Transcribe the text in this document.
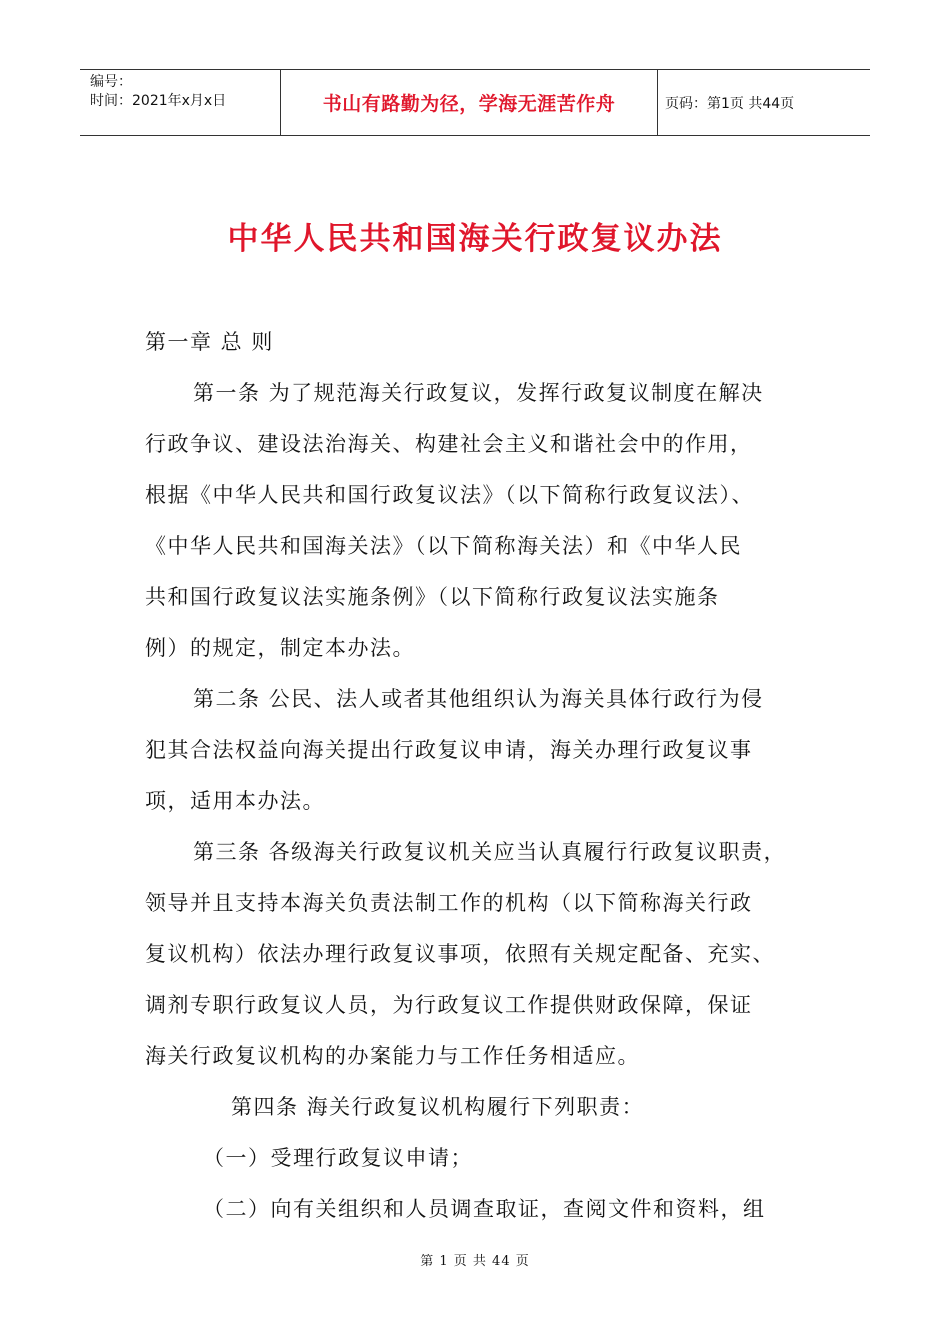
编号：
时间：2021年x月x日	书山有路勤为径，学海无涯苦作舟	页码：第1页 共44页
中华人民共和国海关行政复议办法

第一章 总 则

第一条 为了规范海关行政复议，发挥行政复议制度在解决

行政争议、建设法治海关、构建社会主义和谐社会中的作用，

根据《中华人民共和国行政复议法》（以下简称行政复议法）、

《中华人民共和国海关法》（以下简称海关法）和《中华人民

共和国行政复议法实施条例》（以下简称行政复议法实施条

例）的规定，制定本办法。

第二条 公民、法人或者其他组织认为海关具体行政行为侵

犯其合法权益向海关提出行政复议申请，海关办理行政复议事

项，适用本办法。

第三条 各级海关行政复议机关应当认真履行行政复议职责，

领导并且支持本海关负责法制工作的机构（以下简称海关行政

复议机构）依法办理行政复议事项，依照有关规定配备、充实、

调剂专职行政复议人员，为行政复议工作提供财政保障，保证

海关行政复议机构的办案能力与工作任务相适应。

第四条 海关行政复议机构履行下列职责：

（一）受理行政复议申请；

（二）向有关组织和人员调查取证，查阅文件和资料，组

第 1 页 共 44 页
